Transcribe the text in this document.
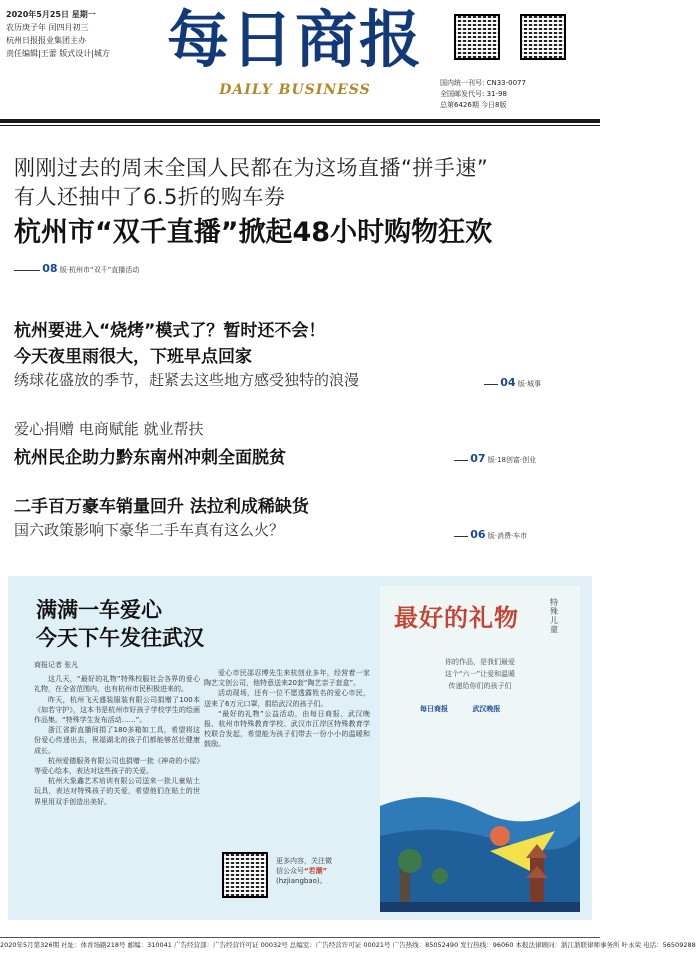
2020年5月25日 星期一
农历庚子年 闰四月初三
杭州日报报业集团主办
责任编辑|王蕾 版式设计|城方 每日商报
DAILY BUSINESS	国内统一刊号: CN33-0077
全国邮发代号: 31-98
总第6426期 今日8版
刚刚过去的周末全国人民都在为这场直播“拼手速”
有人还抽中了6.5折的购车券
杭州市“双千直播”掀起48小时购物狂欢
08 版·杭州市“双千”直播活动
杭州要进入“烧烤”模式了？暂时还不会！
今天夜里雨很大，下班早点回家
绣球花盛放的季节，赶紧去这些地方感受独特的浪漫	04 版·城事
爱心捐赠 电商赋能 就业帮扶
杭州民企助力黔东南州冲刺全面脱贫	07 版·18创富·创业
二手百万豪车销量回升 法拉利成稀缺货
国六政策影响下豪华二手车真有这么火？	06 版·消费·车市
满满一车爱心
今天下午发往武汉
商报记者 张凡
这几天，“最好的礼物”特殊校服社会各界的爱心礼物，在全省范围内，也有杭州市民积极进来的。
昨天，杭州飞天盛装服装有限公司捐赠了100本《如若守护》，这本书是杭州市好孩子学校学生的绘画作品集。“特殊学生发布活动……”。
浙江省新直播间捐了180多箱如工具，希望将这份爱心传递出去，祝福湖北的孩子们都能够茁壮健康成长。
杭州爱德服务有限公司也捐赠一批《神奇的小屋》等爱心绘本，表达对这些孩子的关爱。
杭州大象鑫艺术培训有限公司送来一批儿童贴土玩具，表达对特殊孩子的关爱，希望他们在贴土的世界里用双手创造出美好。
爱心市民邵忍博先生来杭创业多年，经营着一家陶艺文创公司，他特意送来20套“陶艺亲子套盒”。
活动现场，还有一位不愿透露姓名的爱心市民，送来了6万元口罩，捐给武汉的孩子们。
“最好的礼物”公益活动，由每日商报、武汉晚报、杭州市特殊教育学校、武汉市江岸区特殊教育学校联合发起，希望能为孩子们带去一份小小的温暖和鼓励。
更多内容，关注微
信公众号“若潮”
(hzjiangbao)。
最好的礼物
特殊儿童
你的作品，是我们最爱
这个“六一”让爱和温暖
传递给你们的孩子们
每日商报	武汉晚报
2020年5月第326期 社址：体育场路218号 邮编：310041 广告经营部：广告经营许可证 00032号 总编室：广告经营许可证 00021号 广告热线：85052490 发行热线：96060 本报法律顾问：浙江浙联律师事务所 叶永荣 电话：56509288
